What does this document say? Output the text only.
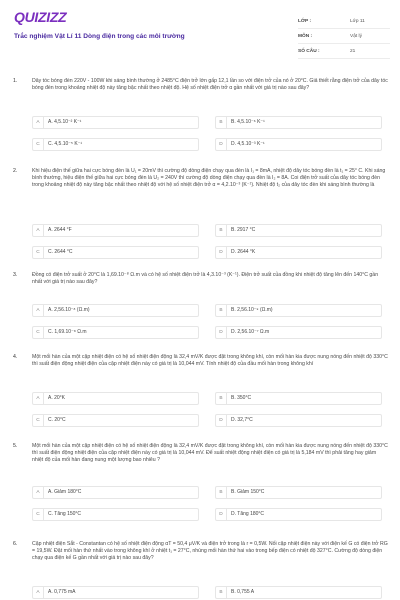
QUIZIZZ
Trắc nghiệm Vật Lí 11 Dòng điện trong các môi trường
LỚP :	Lớp 11
MÔN :	Vật lý
SỐ CÂU :	21
1.	Dây tóc bóng đèn 220V - 100W khi sáng bình thường ở 2485°C điện trở lớn gấp 12,1 lần so với điện trở của nó ở 20°C. Giả thiết rằng điện trở của dây tóc bóng đèn trong khoảng nhiệt độ này tăng bậc nhất theo nhiệt độ. Hệ số nhiệt điện trở α gần nhất với giá trị nào sau đây?
A	A. 4,5.10⁻² K⁻¹	B	B. 4,5.10⁻⁶ K⁻¹
C	C. 4,5.10⁻⁵ K⁻¹	D	D. 4,5.10⁻³ K⁻¹
2.	Khi hiệu điện thế giữa hai cực bóng đèn là U₁ = 20mV thì cường độ dòng điện chạy qua đèn là I₁ = 8mA, nhiệt độ dây tóc bóng đèn là t₁ = 25° C. Khi sáng bình thường, hiệu điện thế giữa hai cực bóng đèn là U₂ = 240V thì cường độ dòng điện chạy qua đèn là I₂ = 8A. Coi điện trở suất của dây tóc bóng đèn trong khoảng nhiệt độ này tăng bậc nhất theo nhiệt độ với hệ số nhiệt điện trở α = 4,2.10⁻³ (K⁻¹). Nhiệt độ t₂ của dây tóc đèn khi sáng bình thường là
A	A. 2644 °F	B	B. 2917 °C
C	C. 2644 °C	D	D. 2644 °K
3.	Đồng có điện trở suất ở 20°C là 1,69.10⁻⁸ Ω.m và có hệ số nhiệt điện trở là 4,3.10⁻³ (K⁻¹). Điện trở suất của đồng khi nhiệt độ tăng lên đến 140°C gần nhất với giá trị nào sau đây?
A	A. 2,56.10⁻⁸ (Ω.m)	B	B. 2,56.10⁻⁹ (Ω.m)
C	C. 1,69.10⁻⁸ Ω.m	D	D. 2,56.10⁻⁷ Ω.m
4.	Một mối hàn của một cặp nhiệt điện có hệ số nhiệt điện động là 32,4 mV/K được đặt trong không khí, còn mối hàn kia được nung nóng đến nhiệt độ 330°C thì suất điện động nhiệt điện của cặp nhiệt điện này có giá trị là 10,044 mV. Tính nhiệt độ của đầu mối hàn trong không khí
A	A. 20°K	B	B. 350°C
C	C. 20°C	D	D. 32,7°C
5.	Một mối hàn của một cặp nhiệt điện có hệ số nhiệt điện động là 32,4 mV/K được đặt trong không khí, còn mối hàn kia được nung nóng đến nhiệt độ 330°C thì suất điện động nhiệt điện của cặp nhiệt điện này có giá trị là 10,044 mV. Để suất nhiệt động nhiệt điện có giá trị là 5,184 mV thì phải tăng hay giảm nhiệt độ của mối hàn đang nung một lượng bao nhiêu ?
A	A. Giảm 180°C	B	B. Giảm 150°C
C	C. Tăng 150°C	D	D. Tăng 180°C
6.	Cặp nhiệt điện Sắt - Constantan có hệ số nhiệt điện động αT = 50,4 μV/K và điện trở trong là r = 0,5W. Nối cặp nhiệt điện này với điện kế G có điện trở RG = 19,5W. Đặt mối hàn thứ nhất vào trong không khí ở nhiệt t₁ = 27°C, nhúng mối hàn thứ hai vào trong bếp điện có nhiệt độ 327°C. Cường độ dòng điện chạy qua điện kế G gần nhất với giá trị nào sau đây?
A	A. 0,775 mA	B	B. 0,755 A
